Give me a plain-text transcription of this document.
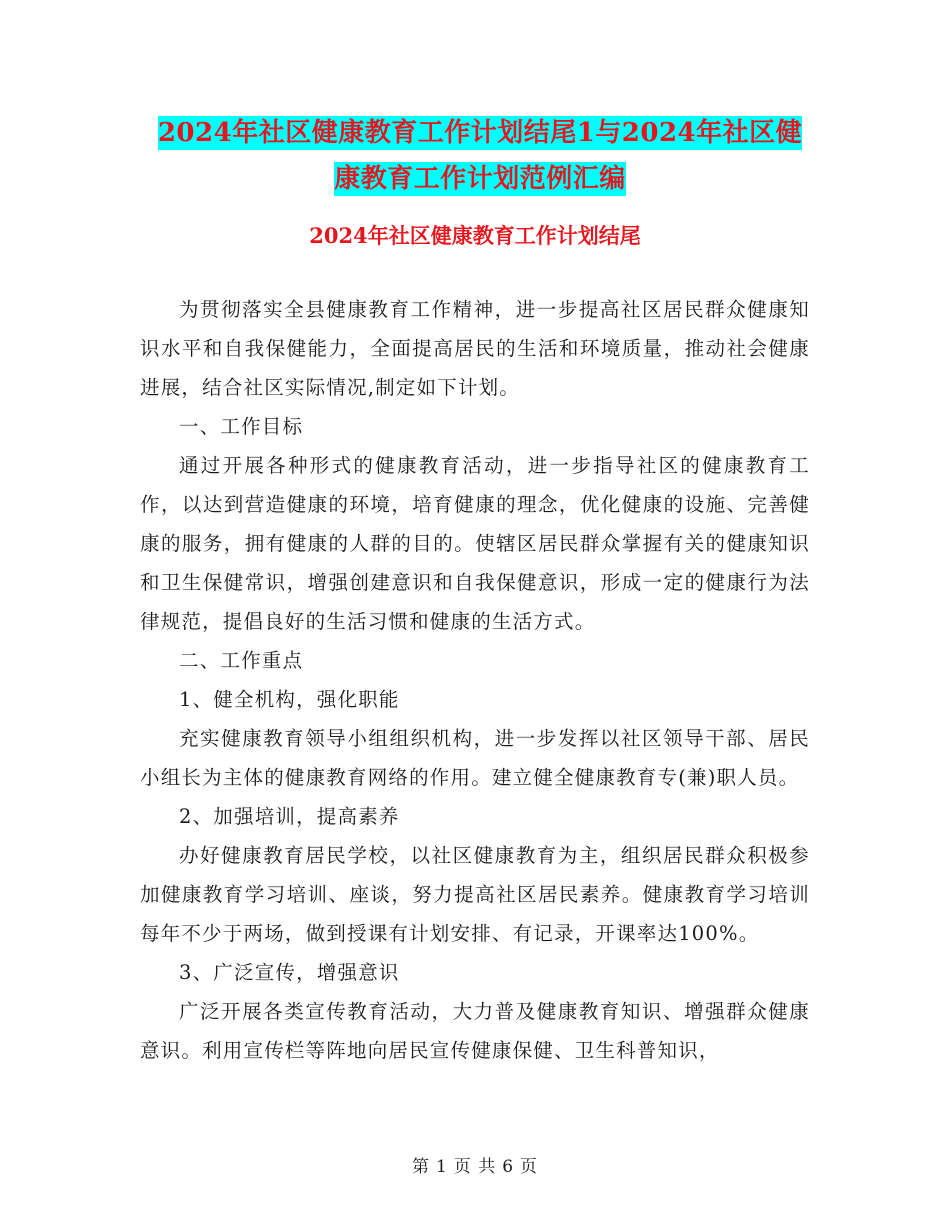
2024年社区健康教育工作计划结尾1与2024年社区健
康教育工作计划范例汇编
2024年社区健康教育工作计划结尾

为贯彻落实全县健康教育工作精神，进一步提高社区居民群众健康知识水平和自我保健能力，全面提高居民的生活和环境质量，推动社会健康进展，结合社区实际情况,制定如下计划。

一、工作目标

通过开展各种形式的健康教育活动，进一步指导社区的健康教育工作，以达到营造健康的环境，培育健康的理念，优化健康的设施、完善健康的服务，拥有健康的人群的目的。使辖区居民群众掌握有关的健康知识和卫生保健常识，增强创建意识和自我保健意识，形成一定的健康行为法律规范，提倡良好的生活习惯和健康的生活方式。

二、工作重点

1、健全机构，强化职能

充实健康教育领导小组组织机构，进一步发挥以社区领导干部、居民小组长为主体的健康教育网络的作用。建立健全健康教育专(兼)职人员。

2、加强培训，提高素养

办好健康教育居民学校，以社区健康教育为主，组织居民群众积极参加健康教育学习培训、座谈，努力提高社区居民素养。健康教育学习培训每年不少于两场，做到授课有计划安排、有记录，开课率达100%。

3、广泛宣传，增强意识

广泛开展各类宣传教育活动，大力普及健康教育知识、增强群众健康意识。利用宣传栏等阵地向居民宣传健康保健、卫生科普知识，

第 1 页 共 6 页
